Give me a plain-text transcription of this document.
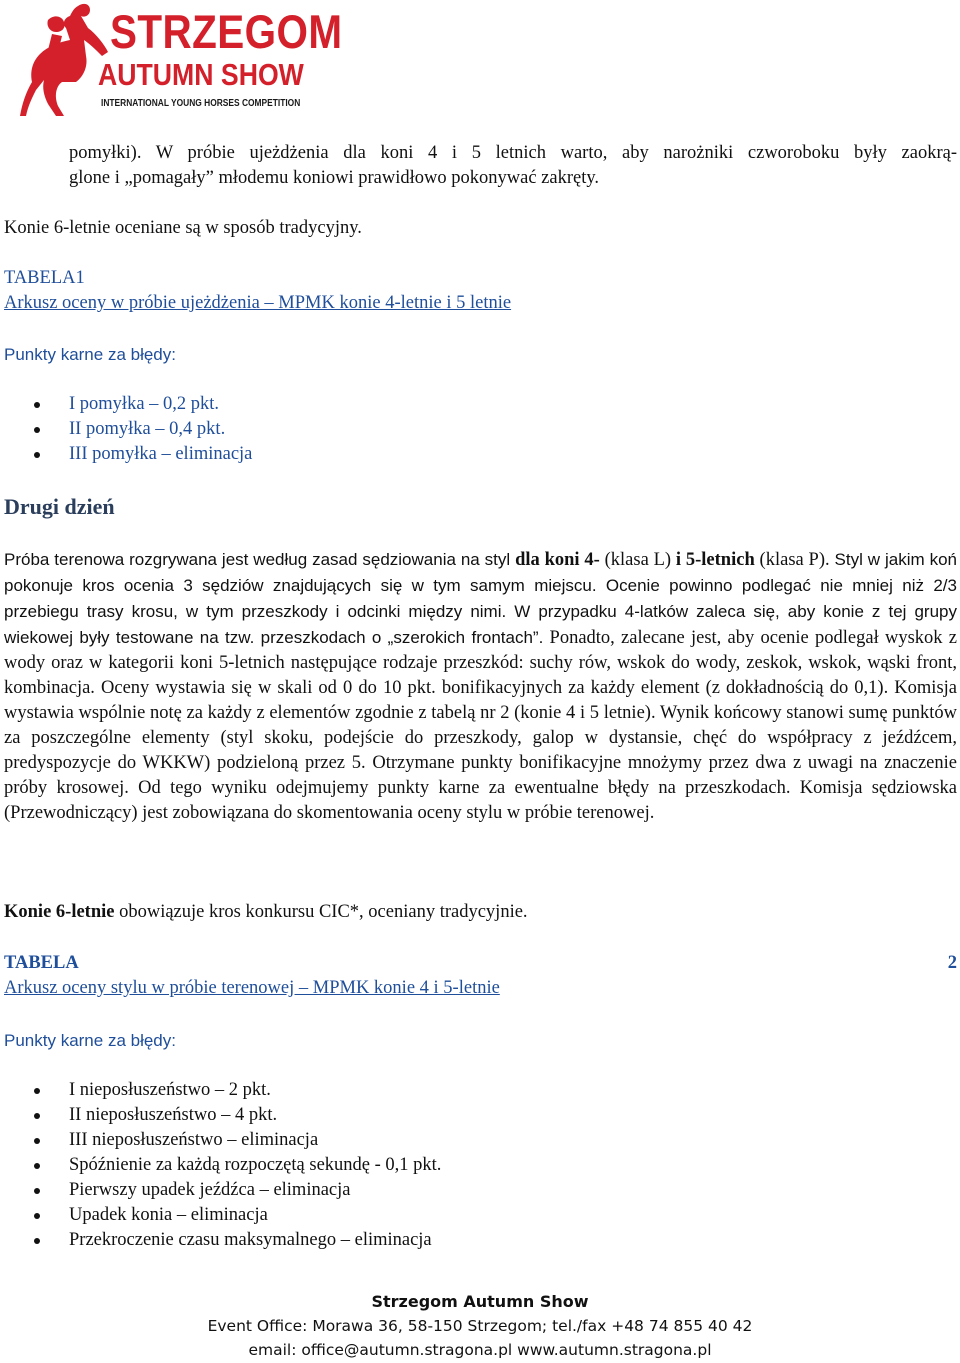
STRZEGOM
AUTUMN SHOW
INTERNATIONAL YOUNG HORSES COMPETITION
pomyłki). W próbie ujeżdżenia dla koni 4 i 5 letnich warto, aby narożniki czworoboku były zaokrą-
glone i „pomagały” młodemu koniowi prawidłowo pokonywać zakręty.
Konie 6-letnie oceniane są w sposób tradycyjny.
TABELA1
Arkusz oceny w próbie ujeżdżenia – MPMK konie 4-letnie i 5 letnie
Punkty karne za błędy:
I pomyłka – 0,2 pkt.
II pomyłka – 0,4 pkt.
III pomyłka – eliminacja
Drugi dzień
Próba terenowa rozgrywana jest według zasad sędziowania na styl dla koni 4- (klasa L) i 5-letnich (klasa P). Styl w jakim koń pokonuje kros ocenia 3 sędziów znajdujących się w tym samym miejscu. Ocenie powinno podlegać nie mniej niż 2/3 przebiegu trasy krosu, w tym przeszkody i odcinki między nimi. W przypadku 4-latków zaleca się, aby konie z tej grupy wiekowej były testowane na tzw. przeszkodach o „szerokich frontach”. Ponadto, zalecane jest, aby ocenie podlegał wyskok z wody oraz w kategorii koni 5-letnich następujące rodzaje przeszkód: suchy rów, wskok do wody, zeskok, wskok, wąski front, kombinacja. Oceny wystawia się w skali od 0 do 10 pkt. bonifikacyjnych za każdy element (z dokładnością do 0,1). Komisja wystawia wspólnie notę za każdy z elementów zgodnie z tabelą nr 2 (konie 4 i 5 letnie). Wynik końcowy stanowi sumę punktów za poszczególne elementy (styl skoku, podejście do przeszkody, galop w dystansie, chęć do współpracy z jeźdźcem, predyspozycje do WKKW) podzieloną przez 5. Otrzymane punkty bonifikacyjne mnożymy przez dwa z uwagi na znaczenie próby krosowej. Od tego wyniku odejmujemy punkty karne za ewentualne błędy na przeszkodach. Komisja sędziowska (Przewodniczący) jest zobowiązana do skomentowania oceny stylu w próbie terenowej.
Konie 6-letnie obowiązuje kros konkursu CIC*, oceniany tradycyjnie.
TABELA	2
Arkusz oceny stylu w próbie terenowej – MPMK konie 4 i 5-letnie
Punkty karne za błędy:
I nieposłuszeństwo – 2 pkt.
II nieposłuszeństwo – 4 pkt.
III nieposłuszeństwo – eliminacja
Spóźnienie za każdą rozpoczętą sekundę - 0,1 pkt.
Pierwszy upadek jeźdźca – eliminacja
Upadek konia – eliminacja
Przekroczenie czasu maksymalnego – eliminacja
Strzegom Autumn Show
Event Office: Morawa 36, 58-150 Strzegom; tel./fax +48 74 855 40 42
email: office@autumn.stragona.pl www.autumn.stragona.pl
